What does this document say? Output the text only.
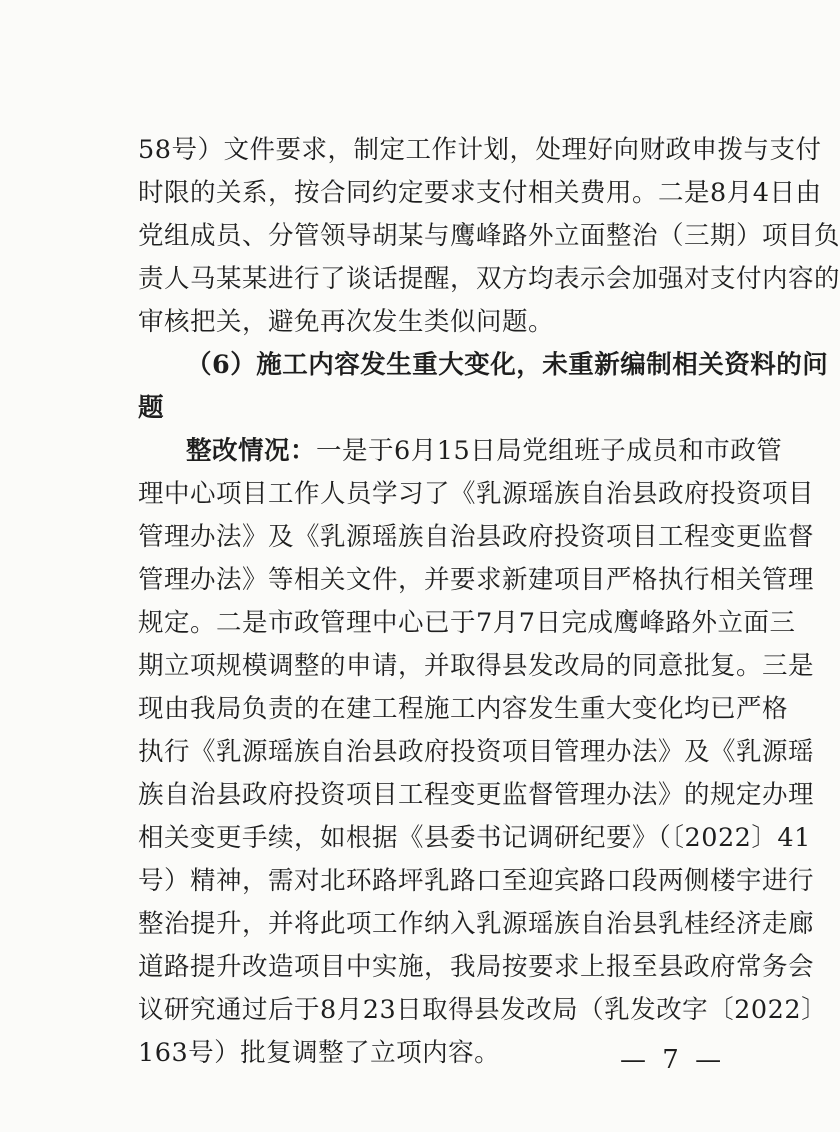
58号）文件要求，制定工作计划，处理好向财政申拨与支付
时限的关系，按合同约定要求支付相关费用。二是8月4日由
党组成员、分管领导胡某与鹰峰路外立面整治（三期）项目负
责人马某某进行了谈话提醒，双方均表示会加强对支付内容的
审核把关，避免再次发生类似问题。
（6）施工内容发生重大变化，未重新编制相关资料的问
题
整改情况：一是于6月15日局党组班子成员和市政管
理中心项目工作人员学习了《乳源瑶族自治县政府投资项目
管理办法》及《乳源瑶族自治县政府投资项目工程变更监督
管理办法》等相关文件，并要求新建项目严格执行相关管理
规定。二是市政管理中心已于7月7日完成鹰峰路外立面三
期立项规模调整的申请，并取得县发改局的同意批复。三是
现由我局负责的在建工程施工内容发生重大变化均已严格
执行《乳源瑶族自治县政府投资项目管理办法》及《乳源瑶
族自治县政府投资项目工程变更监督管理办法》的规定办理
相关变更手续，如根据《县委书记调研纪要》（〔2022〕41
号）精神，需对北环路坪乳路口至迎宾路口段两侧楼宇进行
整治提升，并将此项工作纳入乳源瑶族自治县乳桂经济走廊
道路提升改造项目中实施，我局按要求上报至县政府常务会
议研究通过后于8月23日取得县发改局（乳发改字〔2022〕
163号）批复调整了立项内容。	— 7 —
